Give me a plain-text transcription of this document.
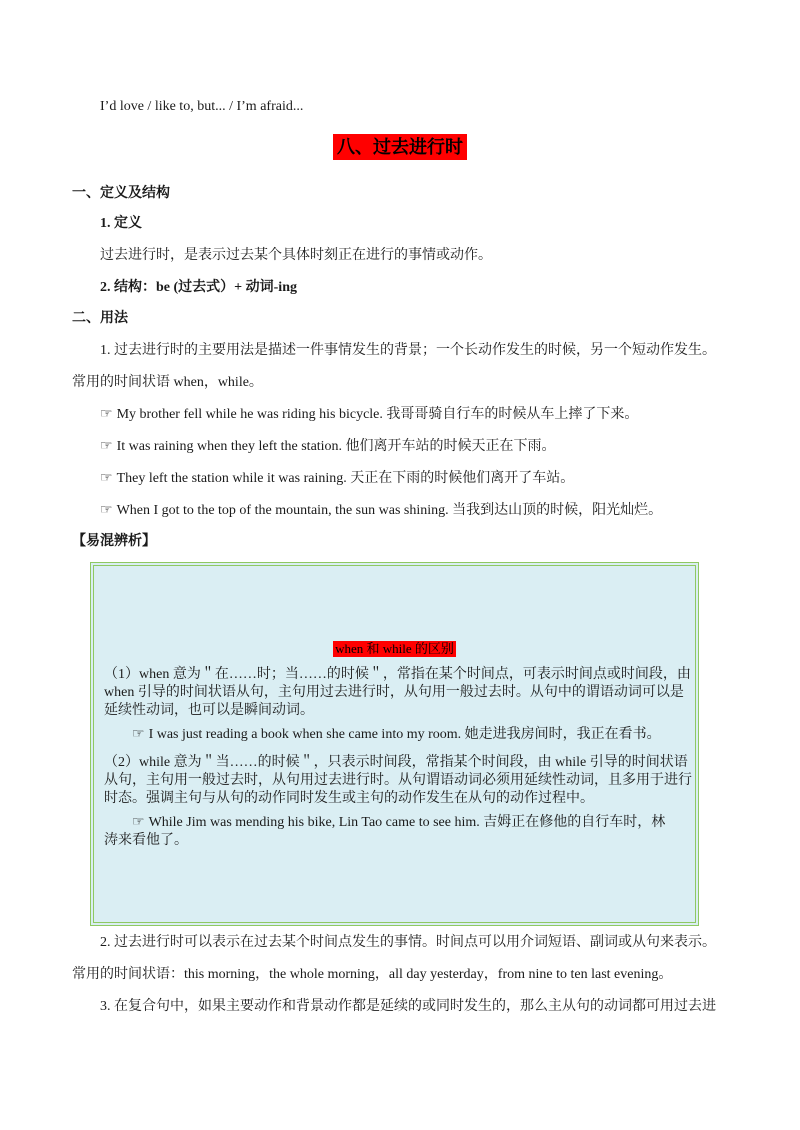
I’d love / like to, but... / I’m afraid...
八、过去进行时
一、定义及结构
1. 定义
过去进行时，是表示过去某个具体时刻正在进行的事情或动作。
2. 结构：be (过去式）+ 动词-ing
二、用法
1. 过去进行时的主要用法是描述一件事情发生的背景；一个长动作发生的时候，另一个短动作发生。
常用的时间状语 when，while。
☞ My brother fell while he was riding his bicycle. 我哥哥骑自行车的时候从车上摔了下来。
☞ It was raining when they left the station. 他们离开车站的时候天正在下雨。
☞ They left the station while it was raining. 天正在下雨的时候他们离开了车站。
☞ When I got to the top of the mountain, the sun was shining. 当我到达山顶的时候，阳光灿烂。
【易混辨析】
when 和 while 的区别
（1）when 意为＂在……时；当……的时候＂，常指在某个时间点，可表示时间点或时间段，由
when 引导的时间状语从句，主句用过去进行时，从句用一般过去时。从句中的谓语动词可以是
延续性动词，也可以是瞬间动词。
☞ I was just reading a book when she came into my room. 她走进我房间时，我正在看书。
（2）while 意为＂当……的时候＂，只表示时间段，常指某个时间段，由 while 引导的时间状语
从句，主句用一般过去时，从句用过去进行时。从句谓语动词必须用延续性动词，且多用于进行
时态。强调主句与从句的动作同时发生或主句的动作发生在从句的动作过程中。
☞ While Jim was mending his bike, Lin Tao came to see him. 吉姆正在修他的自行车时，林
涛来看他了。
2. 过去进行时可以表示在过去某个时间点发生的事情。时间点可以用介词短语、副词或从句来表示。
常用的时间状语：this morning，the whole morning，all day yesterday，from nine to ten last evening。
3. 在复合句中，如果主要动作和背景动作都是延续的或同时发生的，那么主从句的动词都可用过去进
